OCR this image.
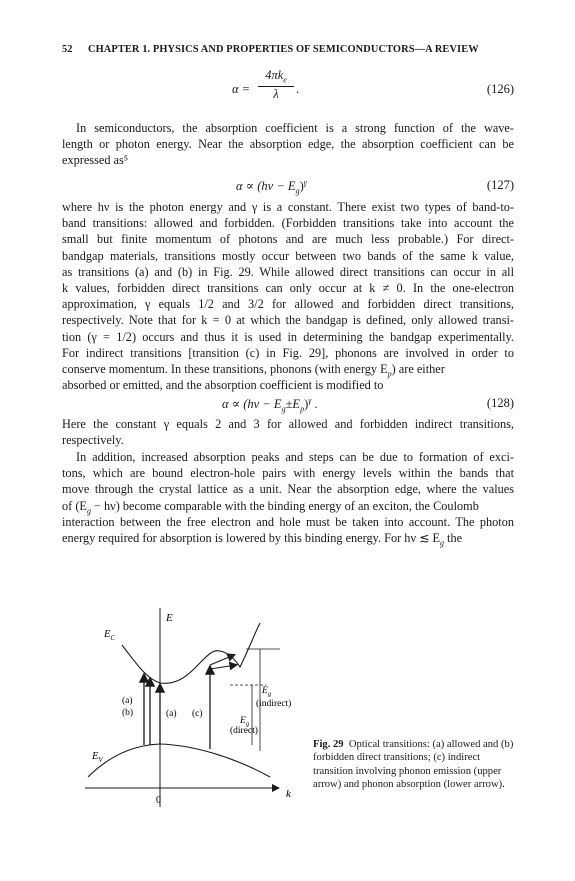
52 CHAPTER 1. PHYSICS AND PROPERTIES OF SEMICONDUCTORS—A REVIEW
α =
$4\pi k_e$
λ	.	(126)
In semiconductors, the absorption coefficient is a strong function of the wave-
length or photon energy. Near the absorption edge, the absorption coefficient can be
expressed as⁵
$\alpha \propto (h\nu - E_g)^\gamma$	(127)
where hν is the photon energy and γ is a constant. There exist two types of band-to-
band transitions: allowed and forbidden. (Forbidden transitions take into account the
small but finite momentum of photons and are much less probable.) For direct-
bandgap materials, transitions mostly occur between two bands of the same k value,
as transitions (a) and (b) in Fig. 29. While allowed direct transitions can occur in all
k values, forbidden direct transitions can only occur at k ≠ 0. In the one-electron
approximation, γ equals 1/2 and 3/2 for allowed and forbidden direct transitions,
respectively. Note that for k = 0 at which the bandgap is defined, only allowed transi-
tion (γ = 1/2) occurs and thus it is used in determining the bandgap experimentally.
For indirect transitions [transition (c) in Fig. 29], phonons are involved in order to
conserve momentum. In these transitions, phonons (with energy $E_p$) are either
absorbed or emitted, and the absorption coefficient is modified to
$\alpha \propto (h\nu - E_g\pm E_p)^\gamma$ .	(128)
Here the constant γ equals 2 and 3 for allowed and forbidden indirect transitions,
respectively.
In addition, increased absorption peaks and steps can be due to formation of exci-
tons, which are bound electron-hole pairs with energy levels within the bands that
move through the crystal lattice as a unit. Near the absorption edge, where the values
of $(E_g - h\nu)$ become comparable with the binding energy of an exciton, the Coulomb
interaction between the free electron and hole must be taken into account. The photon
energy required for absorption is lowered by this binding energy. For hν ≲ $E_g$ the
E
k
0
$E_C$
$E_V$
(a)
(b)	(a) (c)
$E_g$
(indirect)
$E_g$
(direct)
Fig. 29 Optical transitions: (a) allowed and (b) forbidden direct transitions; (c) indirect transition involving phonon emission (upper arrow) and phonon absorption (lower arrow).
